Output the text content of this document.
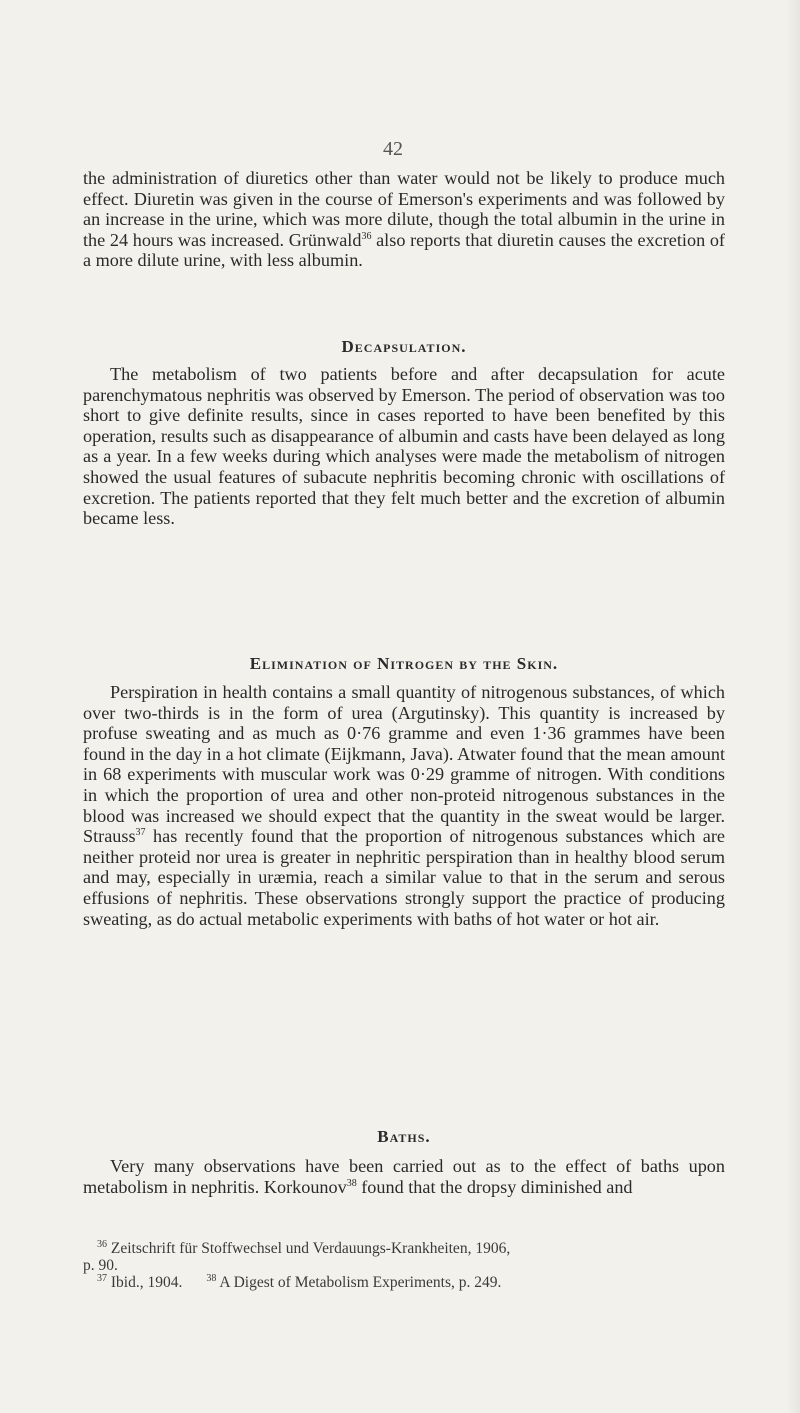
42

the administration of diuretics other than water would not be likely to produce much effect. Diuretin was given in the course of Emerson's experiments and was followed by an increase in the urine, which was more dilute, though the total albumin in the urine in the 24 hours was increased. Grünwald$^{36}$ also reports that diuretin causes the excretion of a more dilute urine, with less albumin.

Decapsulation.

The metabolism of two patients before and after decapsulation for acute parenchymatous nephritis was observed by Emerson. The period of observation was too short to give definite results, since in cases reported to have been benefited by this operation, results such as disappearance of albumin and casts have been delayed as long as a year. In a few weeks during which analyses were made the metabolism of nitrogen showed the usual features of subacute nephritis becoming chronic with oscillations of excretion. The patients reported that they felt much better and the excretion of albumin became less.

Elimination of Nitrogen by the Skin.

Perspiration in health contains a small quantity of nitrogenous substances, of which over two-thirds is in the form of urea (Argutinsky). This quantity is increased by profuse sweating and as much as 0·76 gramme and even 1·36 grammes have been found in the day in a hot climate (Eijkmann, Java). Atwater found that the mean amount in 68 experiments with muscular work was 0·29 gramme of nitrogen. With conditions in which the proportion of urea and other non-proteid nitrogenous substances in the blood was increased we should expect that the quantity in the sweat would be larger. Strauss$^{37}$ has recently found that the proportion of nitrogenous substances which are neither proteid nor urea is greater in nephritic perspiration than in healthy blood serum and may, especially in uræmia, reach a similar value to that in the serum and serous effusions of nephritis. These observations strongly support the practice of producing sweating, as do actual metabolic experiments with baths of hot water or hot air.

Baths.

Very many observations have been carried out as to the effect of baths upon metabolism in nephritis. Korkounov$^{38}$ found that the dropsy diminished and

$^{36}$ Zeitschrift für Stoffwechsel und Verdauungs-Krankheiten, 1906,
p. 90.
$^{37}$ Ibid., 1904. $^{38}$ A Digest of Metabolism Experiments, p. 249.
